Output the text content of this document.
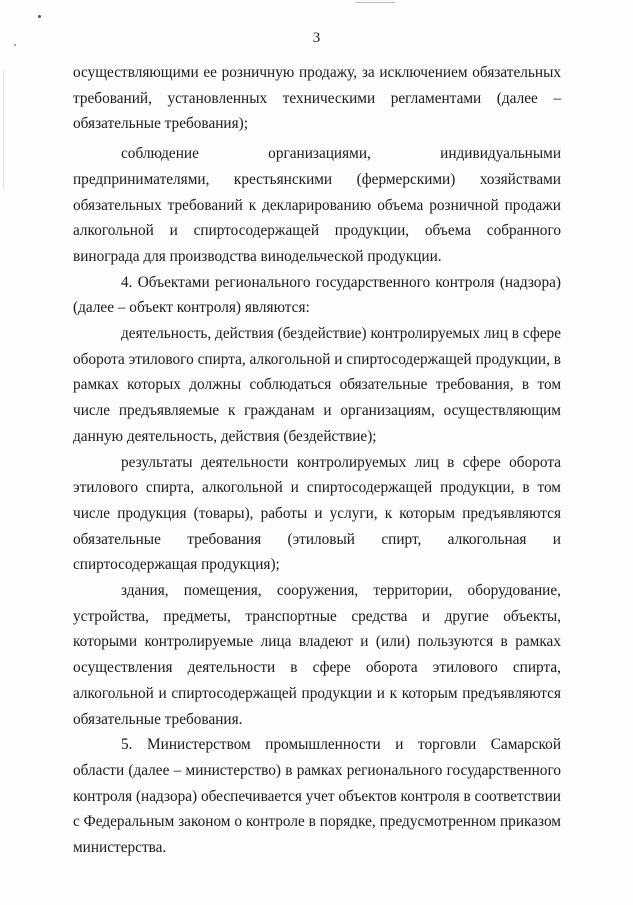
3

осуществляющими ее розничную продажу, за исключением обязательных требований, установленных техническими регламентами (далее – обязательные требования);

соблюдение организациями, индивидуальными предпринимателями, крестьянскими (фермерскими) хозяйствами обязательных требований к декларированию объема розничной продажи алкогольной и спиртосодержащей продукции, объема собранного винограда для производства винодельческой продукции.

4. Объектами регионального государственного контроля (надзора) (далее – объект контроля) являются:

деятельность, действия (бездействие) контролируемых лиц в сфере оборота этилового спирта, алкогольной и спиртосодержащей продукции, в рамках которых должны соблюдаться обязательные требования, в том числе предъявляемые к гражданам и организациям, осуществляющим данную деятельность, действия (бездействие);

результаты деятельности контролируемых лиц в сфере оборота этилового спирта, алкогольной и спиртосодержащей продукции, в том числе продукция (товары), работы и услуги, к которым предъявляются обязательные требования (этиловый спирт, алкогольная и спиртосодержащая продукция);

здания, помещения, сооружения, территории, оборудование, устройства, предметы, транспортные средства и другие объекты, которыми контролируемые лица владеют и (или) пользуются в рамках осуществления деятельности в сфере оборота этилового спирта, алкогольной и спиртосодержащей продукции и к которым предъявляются обязательные требования.

5. Министерством промышленности и торговли Самарской области (далее – министерство) в рамках регионального государственного контроля (надзора) обеспечивается учет объектов контроля в соответствии с Федеральным законом о контроле в порядке, предусмотренном приказом министерства.
